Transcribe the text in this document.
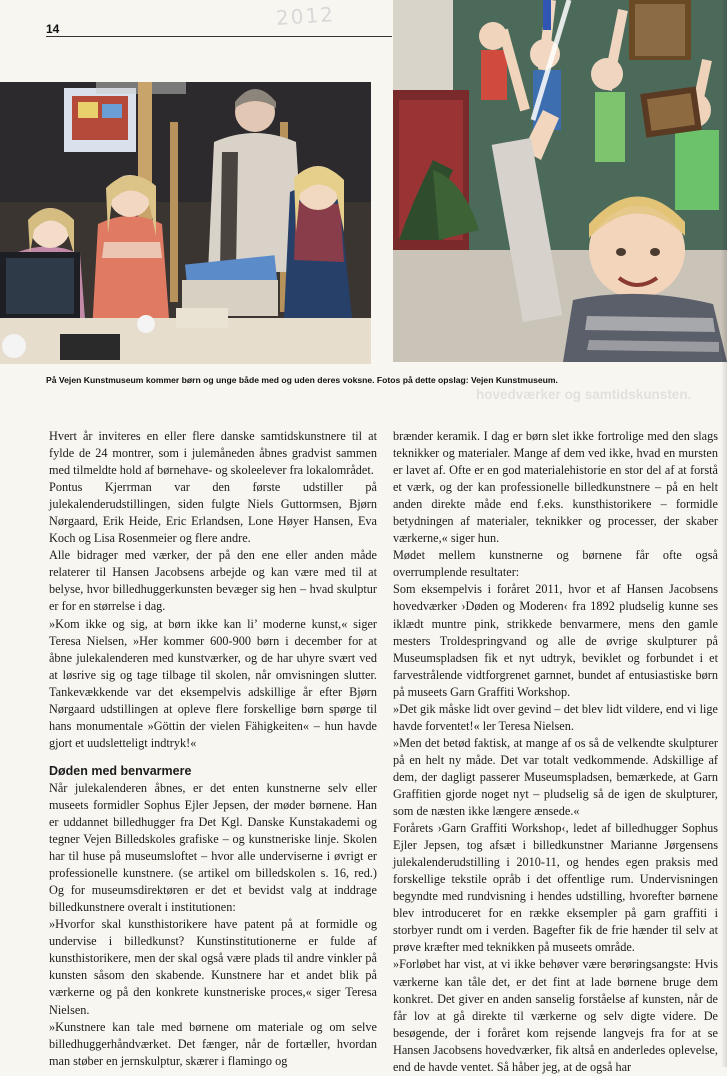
2012
14
På Vejen Kunstmuseum kommer børn og unge både med og uden deres voksne. Fotos på dette opslag: Vejen Kunstmuseum.
hovedværker og samtidskunsten.

Hvert år inviteres en eller flere danske samtidskunstnere til at fylde de 24 montrer, som i julemåneden åbnes gradvist sammen med tilmeldte hold af børnehave- og skoleelever fra lokalområdet.

Pontus Kjerrman var den første udstiller på julekalenderudstillingen, siden fulgte Niels Guttormsen, Bjørn Nørgaard, Erik Heide, Eric Erlandsen, Lone Høyer Hansen, Eva Koch og Lisa Rosenmeier og flere andre.

Alle bidrager med værker, der på den ene eller anden måde relaterer til Hansen Jacobsens arbejde og kan være med til at belyse, hvor billedhuggerkunsten bevæger sig hen – hvad skulptur er for en størrelse i dag.

»Kom ikke og sig, at børn ikke kan li’ moderne kunst,« siger Teresa Nielsen, »Her kommer 600-900 børn i december for at åbne julekalenderen med kunstværker, og de har uhyre svært ved at løsrive sig og tage tilbage til skolen, når omvisningen slutter. Tankevækkende var det eksempelvis adskillige år efter Bjørn Nørgaard udstillingen at opleve flere forskellige børn spørge til hans monumentale »Göttin der vielen Fähigkeiten« – hun havde gjort et uudsletteligt indtryk!«

Døden med benvarmere

Når julekalenderen åbnes, er det enten kunstnerne selv eller museets formidler Sophus Ejler Jepsen, der møder børnene. Han er uddannet billedhugger fra Det Kgl. Danske Kunstakademi og tegner Vejen Billedskoles grafiske – og kunstneriske linje. Skolen har til huse på museumsloftet – hvor alle underviserne i øvrigt er professionelle kunstnere. (se artikel om billedskolen s. 16, red.) Og for museumsdirektøren er det et bevidst valg at inddrage billedkunstnere overalt i institutionen:

»Hvorfor skal kunsthistorikere have patent på at formidle og undervise i billedkunst? Kunstinstitutionerne er fulde af kunsthistorikere, men der skal også være plads til andre vinkler på kunsten såsom den skabende. Kunstnere har et andet blik på værkerne og på den konkrete kunstneriske proces,« siger Teresa Nielsen.

»Kunstnere kan tale med børnene om materiale og om selve billedhuggerhåndværket. Det fænger, når de fortæller, hvordan man støber en jernskulptur, skærer i flamingo og

brænder keramik. I dag er børn slet ikke fortrolige med den slags teknikker og materialer. Mange af dem ved ikke, hvad en mursten er lavet af. Ofte er en god materialehistorie en stor del af at forstå et værk, og der kan professionelle billedkunstnere – på en helt anden direkte måde end f.eks. kunsthistorikere – formidle betydningen af materialer, teknikker og processer, der skaber værkerne,« siger hun.

Mødet mellem kunstnerne og børnene får ofte også overrumplende resultater:

Som eksempelvis i foråret 2011, hvor et af Hansen Jacobsens hovedværker ›Døden og Moderen‹ fra 1892 pludselig kunne ses iklædt muntre pink, strikkede benvarmere, mens den gamle mesters Troldespringvand og alle de øvrige skulpturer på Museumspladsen fik et nyt udtryk, beviklet og forbundet i et farvestrålende vidtforgrenet garnnet, bundet af entusiastiske børn på museets Garn Graffiti Workshop.

»Det gik måske lidt over gevind – det blev lidt vildere, end vi lige havde forventet!« ler Teresa Nielsen.

»Men det betød faktisk, at mange af os så de velkendte skulpturer på en helt ny måde. Det var totalt vedkommende. Adskillige af dem, der dagligt passerer Museumspladsen, bemærkede, at Garn Graffitien gjorde noget nyt – pludselig så de igen de skulpturer, som de næsten ikke længere ænsede.«

Forårets ›Garn Graffiti Workshop‹, ledet af billedhugger Sophus Ejler Jepsen, tog afsæt i billedkunstner Marianne Jørgensens julekalenderudstilling i 2010-11, og hendes egen praksis med forskellige tekstile opråb i det offentlige rum. Undervisningen begyndte med rundvisning i hendes udstilling, hvorefter børnene blev introduceret for en række eksempler på garn graffiti i storbyer rundt om i verden. Bagefter fik de frie hænder til selv at prøve kræfter med teknikken på museets område.

»Forløbet har vist, at vi ikke behøver være berøringsangste: Hvis værkerne kan tåle det, er det fint at lade børnene bruge dem konkret. Det giver en anden sanselig forståelse af kunsten, når de får lov at gå direkte til værkerne og selv digte videre. De besøgende, der i foråret kom rejsende langvejs fra for at se Hansen Jacobsens hovedværker, fik altså en anderledes oplevelse, end de havde ventet. Så håber jeg, at de også har
